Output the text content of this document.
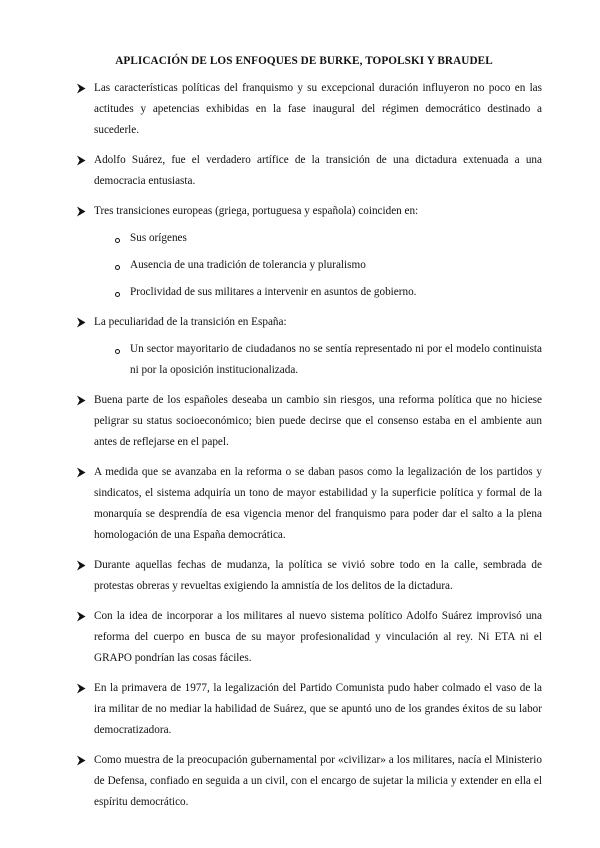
APLICACIÓN DE LOS ENFOQUES DE BURKE, TOPOLSKI Y BRAUDEL
Las características políticas del franquismo y su excepcional duración influyeron no poco en las actitudes y apetencias exhibidas en la fase inaugural del régimen democrático destinado a sucederle.
Adolfo Suárez, fue el verdadero artífice de la transición de una dictadura extenuada a una democracia entusiasta.
Tres transiciones europeas (griega, portuguesa y española) coinciden en:
Sus orígenes
Ausencia de una tradición de tolerancia y pluralismo
Proclividad de sus militares a intervenir en asuntos de gobierno.
La peculiaridad de la transición en España:
Un sector mayoritario de ciudadanos no se sentía representado ni por el modelo continuista ni por la oposición institucionalizada.
Buena parte de los españoles deseaba un cambio sin riesgos, una reforma política que no hiciese peligrar su status socioeconómico; bien puede decirse que el consenso estaba en el ambiente aun antes de reflejarse en el papel.
A medida que se avanzaba en la reforma o se daban pasos como la legalización de los partidos y sindicatos, el sistema adquiría un tono de mayor estabilidad y la superficie política y formal de la monarquía se desprendía de esa vigencia menor del franquismo para poder dar el salto a la plena homologación de una España democrática.
Durante aquellas fechas de mudanza, la política se vivió sobre todo en la calle, sembrada de protestas obreras y revueltas exigiendo la amnistía de los delitos de la dictadura.
Con la idea de incorporar a los militares al nuevo sistema político Adolfo Suárez improvisó una reforma del cuerpo en busca de su mayor profesionalidad y vinculación al rey. Ni ETA ni el GRAPO pondrían las cosas fáciles.
En la primavera de 1977, la legalización del Partido Comunista pudo haber colmado el vaso de la ira militar de no mediar la habilidad de Suárez, que se apuntó uno de los grandes éxitos de su labor democratizadora.
Como muestra de la preocupación gubernamental por «civilizar» a los militares, nacía el Ministerio de Defensa, confiado en seguida a un civil, con el encargo de sujetar la milicia y extender en ella el espíritu democrático.
